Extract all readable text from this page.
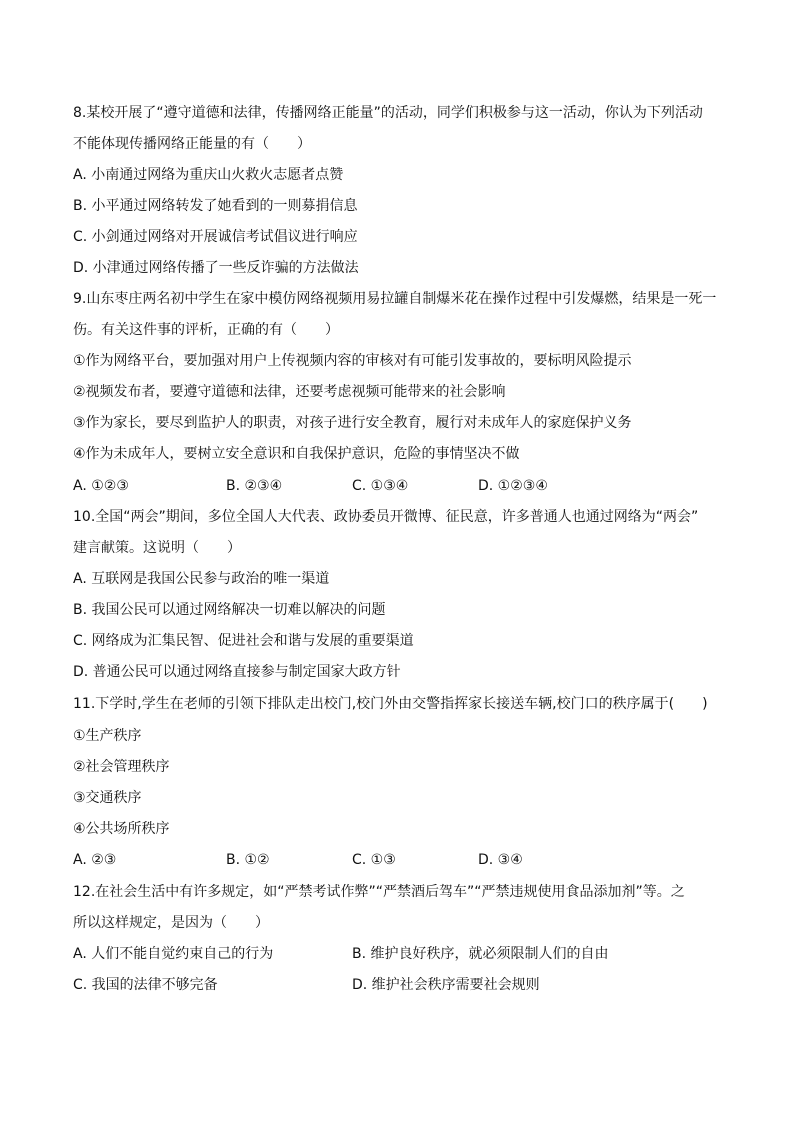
8.某校开展了“遵守道德和法律，传播网络正能量”的活动，同学们积极参与这一活动，你认为下列活动

不能体现传播网络正能量的有（　　）

A. 小南通过网络为重庆山火救火志愿者点赞

B. 小平通过网络转发了她看到的一则募捐信息

C. 小剑通过网络对开展诚信考试倡议进行响应

D. 小津通过网络传播了一些反诈骗的方法做法

9.山东枣庄两名初中学生在家中模仿网络视频用易拉罐自制爆米花在操作过程中引发爆燃，结果是一死一

伤。有关这件事的评析，正确的有（　　）

①作为网络平台，要加强对用户上传视频内容的审核对有可能引发事故的，要标明风险提示

②视频发布者，要遵守道德和法律，还要考虑视频可能带来的社会影响

③作为家长，要尽到监护人的职责，对孩子进行安全教育，履行对未成年人的家庭保护义务

④作为未成年人，要树立安全意识和自我保护意识，危险的事情坚决不做

A. ①②③	B. ②③④	C. ①③④	D. ①②③④

10.全国“两会”期间，多位全国人大代表、政协委员开微博、征民意，许多普通人也通过网络为“两会”

建言献策。这说明（　　）

A. 互联网是我国公民参与政治的唯一渠道

B. 我国公民可以通过网络解决一切难以解决的问题

C. 网络成为汇集民智、促进社会和谐与发展的重要渠道

D. 普通公民可以通过网络直接参与制定国家大政方针

11.下学时,学生在老师的引领下排队走出校门,校门外由交警指挥家长接送车辆,校门口的秩序属于(　　)

①生产秩序

②社会管理秩序

③交通秩序

④公共场所秩序

A. ②③	B. ①②	C. ①③	D. ③④

12.在社会生活中有许多规定，如“严禁考试作弊”“严禁酒后驾车”“严禁违规使用食品添加剂”等。之

所以这样规定，是因为（　　）

A. 人们不能自觉约束自己的行为	B. 维护良好秩序，就必须限制人们的自由

C. 我国的法律不够完备	D. 维护社会秩序需要社会规则
